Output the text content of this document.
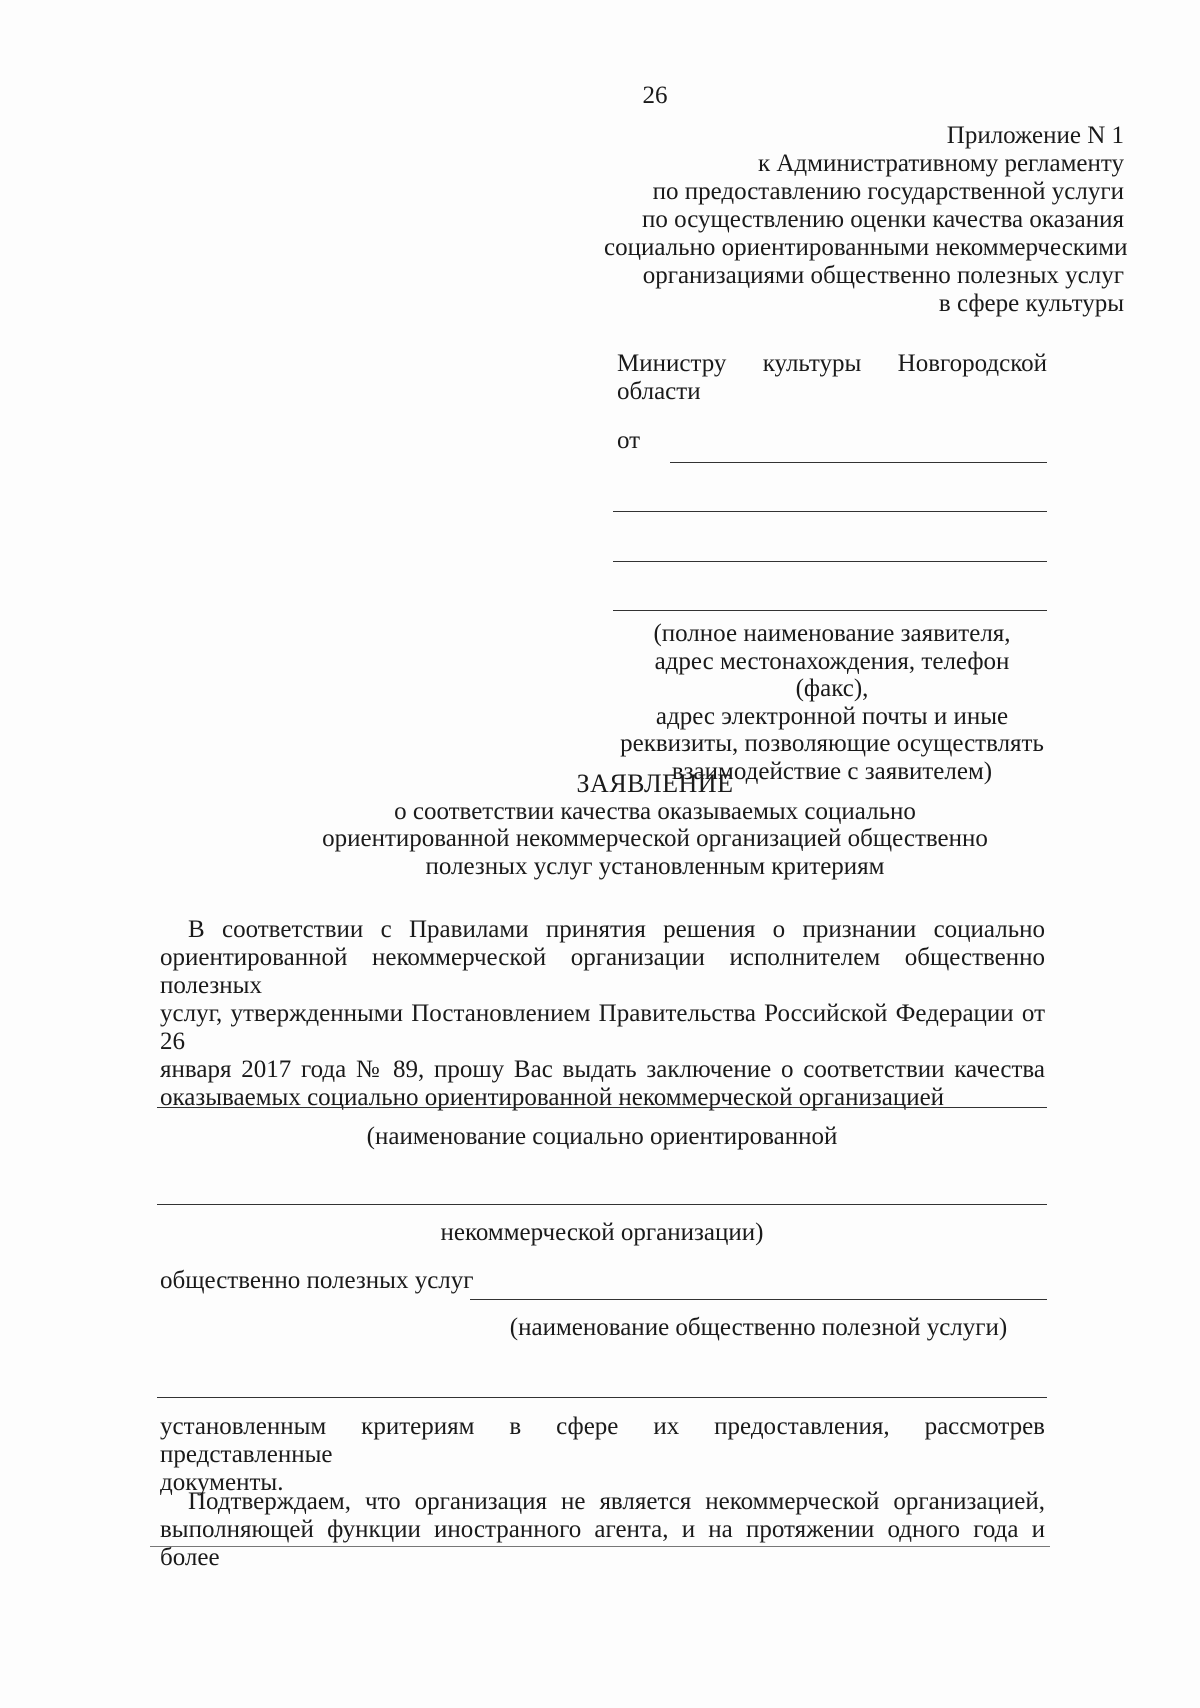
26
Приложение N 1
к Административному регламенту
по предоставлению государственной услуги
по осуществлению оценки качества оказания
социально ориентированными некоммерческими
организациями общественно полезных услуг
в сфере культуры
Министру культуры Новгородской
области
от
(полное наименование заявителя,
адрес местонахождения, телефон (факс),
адрес электронной почты и иные
реквизиты, позволяющие осуществлять
взаимодействие с заявителем)
ЗАЯВЛЕНИЕ
о соответствии качества оказываемых социально
ориентированной некоммерческой организацией общественно
полезных услуг установленным критериям
В соответствии с Правилами принятия решения о признании социально
ориентированной некоммерческой организации исполнителем общественно полезных
услуг, утвержденными Постановлением Правительства Российской Федерации от 26
января 2017 года № 89, прошу Вас выдать заключение о соответствии качества
оказываемых социально ориентированной некоммерческой организацией
(наименование социально ориентированной
некоммерческой организации)
общественно полезных услуг
(наименование общественно полезной услуги)
установленным критериям в сфере их предоставления, рассмотрев представленные
документы.
Подтверждаем, что организация не является некоммерческой организацией,
выполняющей функции иностранного агента, и на протяжении одного года и более
